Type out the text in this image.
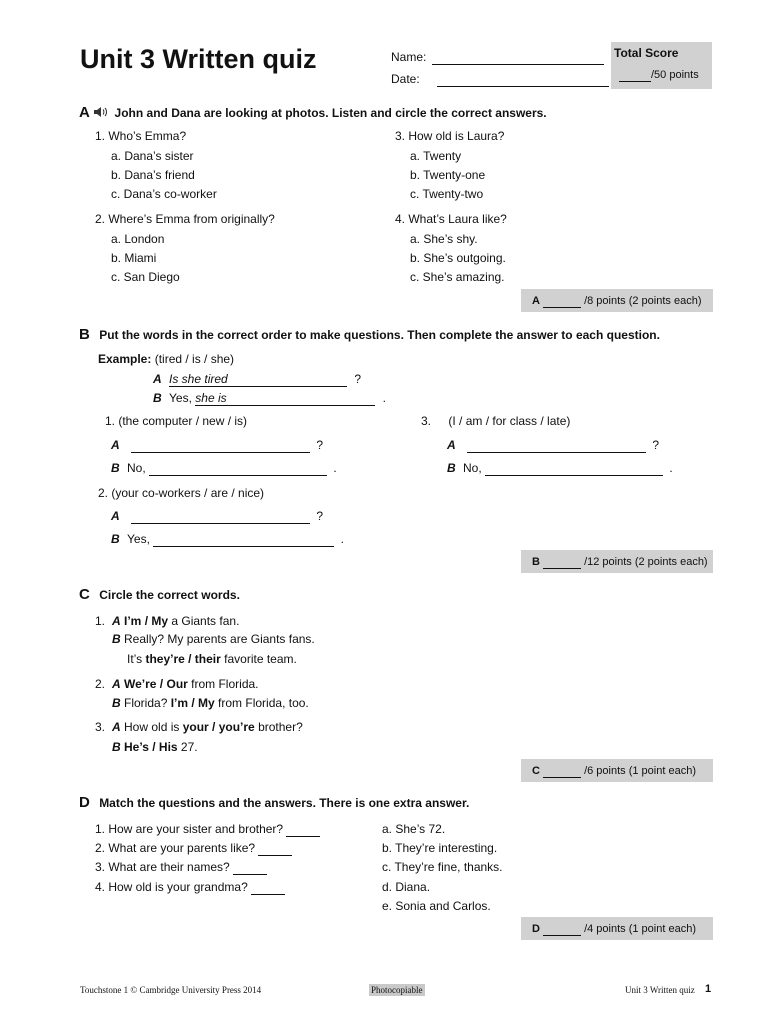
Unit 3 Written quiz	Name:
Date:
Total Score
/50 points
A John and Dana are looking at photos. Listen and circle the correct answers.
1. Who’s Emma?
a. Dana’s sister
b. Dana’s friend
c. Dana’s co-worker
2. Where’s Emma from originally?
a. London
b. Miami
c. San Diego
3. How old is Laura?
a. Twenty
b. Twenty-one
c. Twenty-two
4. What’s Laura like?
a. She’s shy.
b. She’s outgoing.
c. She’s amazing.
A	/8 points (2 points each)
B Put the words in the correct order to make questions. Then complete the answer to each question.
Example: (tired / is / she)
A Is she tired	?
B Yes, she is	.
1. (the computer / new / is)
A	?
B No,	.
3. (I / am / for class / late)
A	?
B No,	.
2. (your co-workers / are / nice)
A	?
B Yes,	.
B	/12 points (2 points each)
C Circle the correct words.
1. A I’m / My a Giants fan.
B Really? My parents are Giants fans.
It’s they’re / their favorite team.
2. A We’re / Our from Florida.
B Florida? I’m / My from Florida, too.
3. A How old is your / you’re brother?
B He’s / His 27.
C	/6 points (1 point each)
D Match the questions and the answers. There is one extra answer.
1. How are your sister and brother?
2. What are your parents like?
3. What are their names?
4. How old is your grandma?
a. She’s 72.
b. They’re interesting.
c. They’re fine, thanks.
d. Diana.
e. Sonia and Carlos.
D	/4 points (1 point each)
Touchstone 1 © Cambridge University Press 2014	Photocopiable	Unit 3 Written quiz 1
